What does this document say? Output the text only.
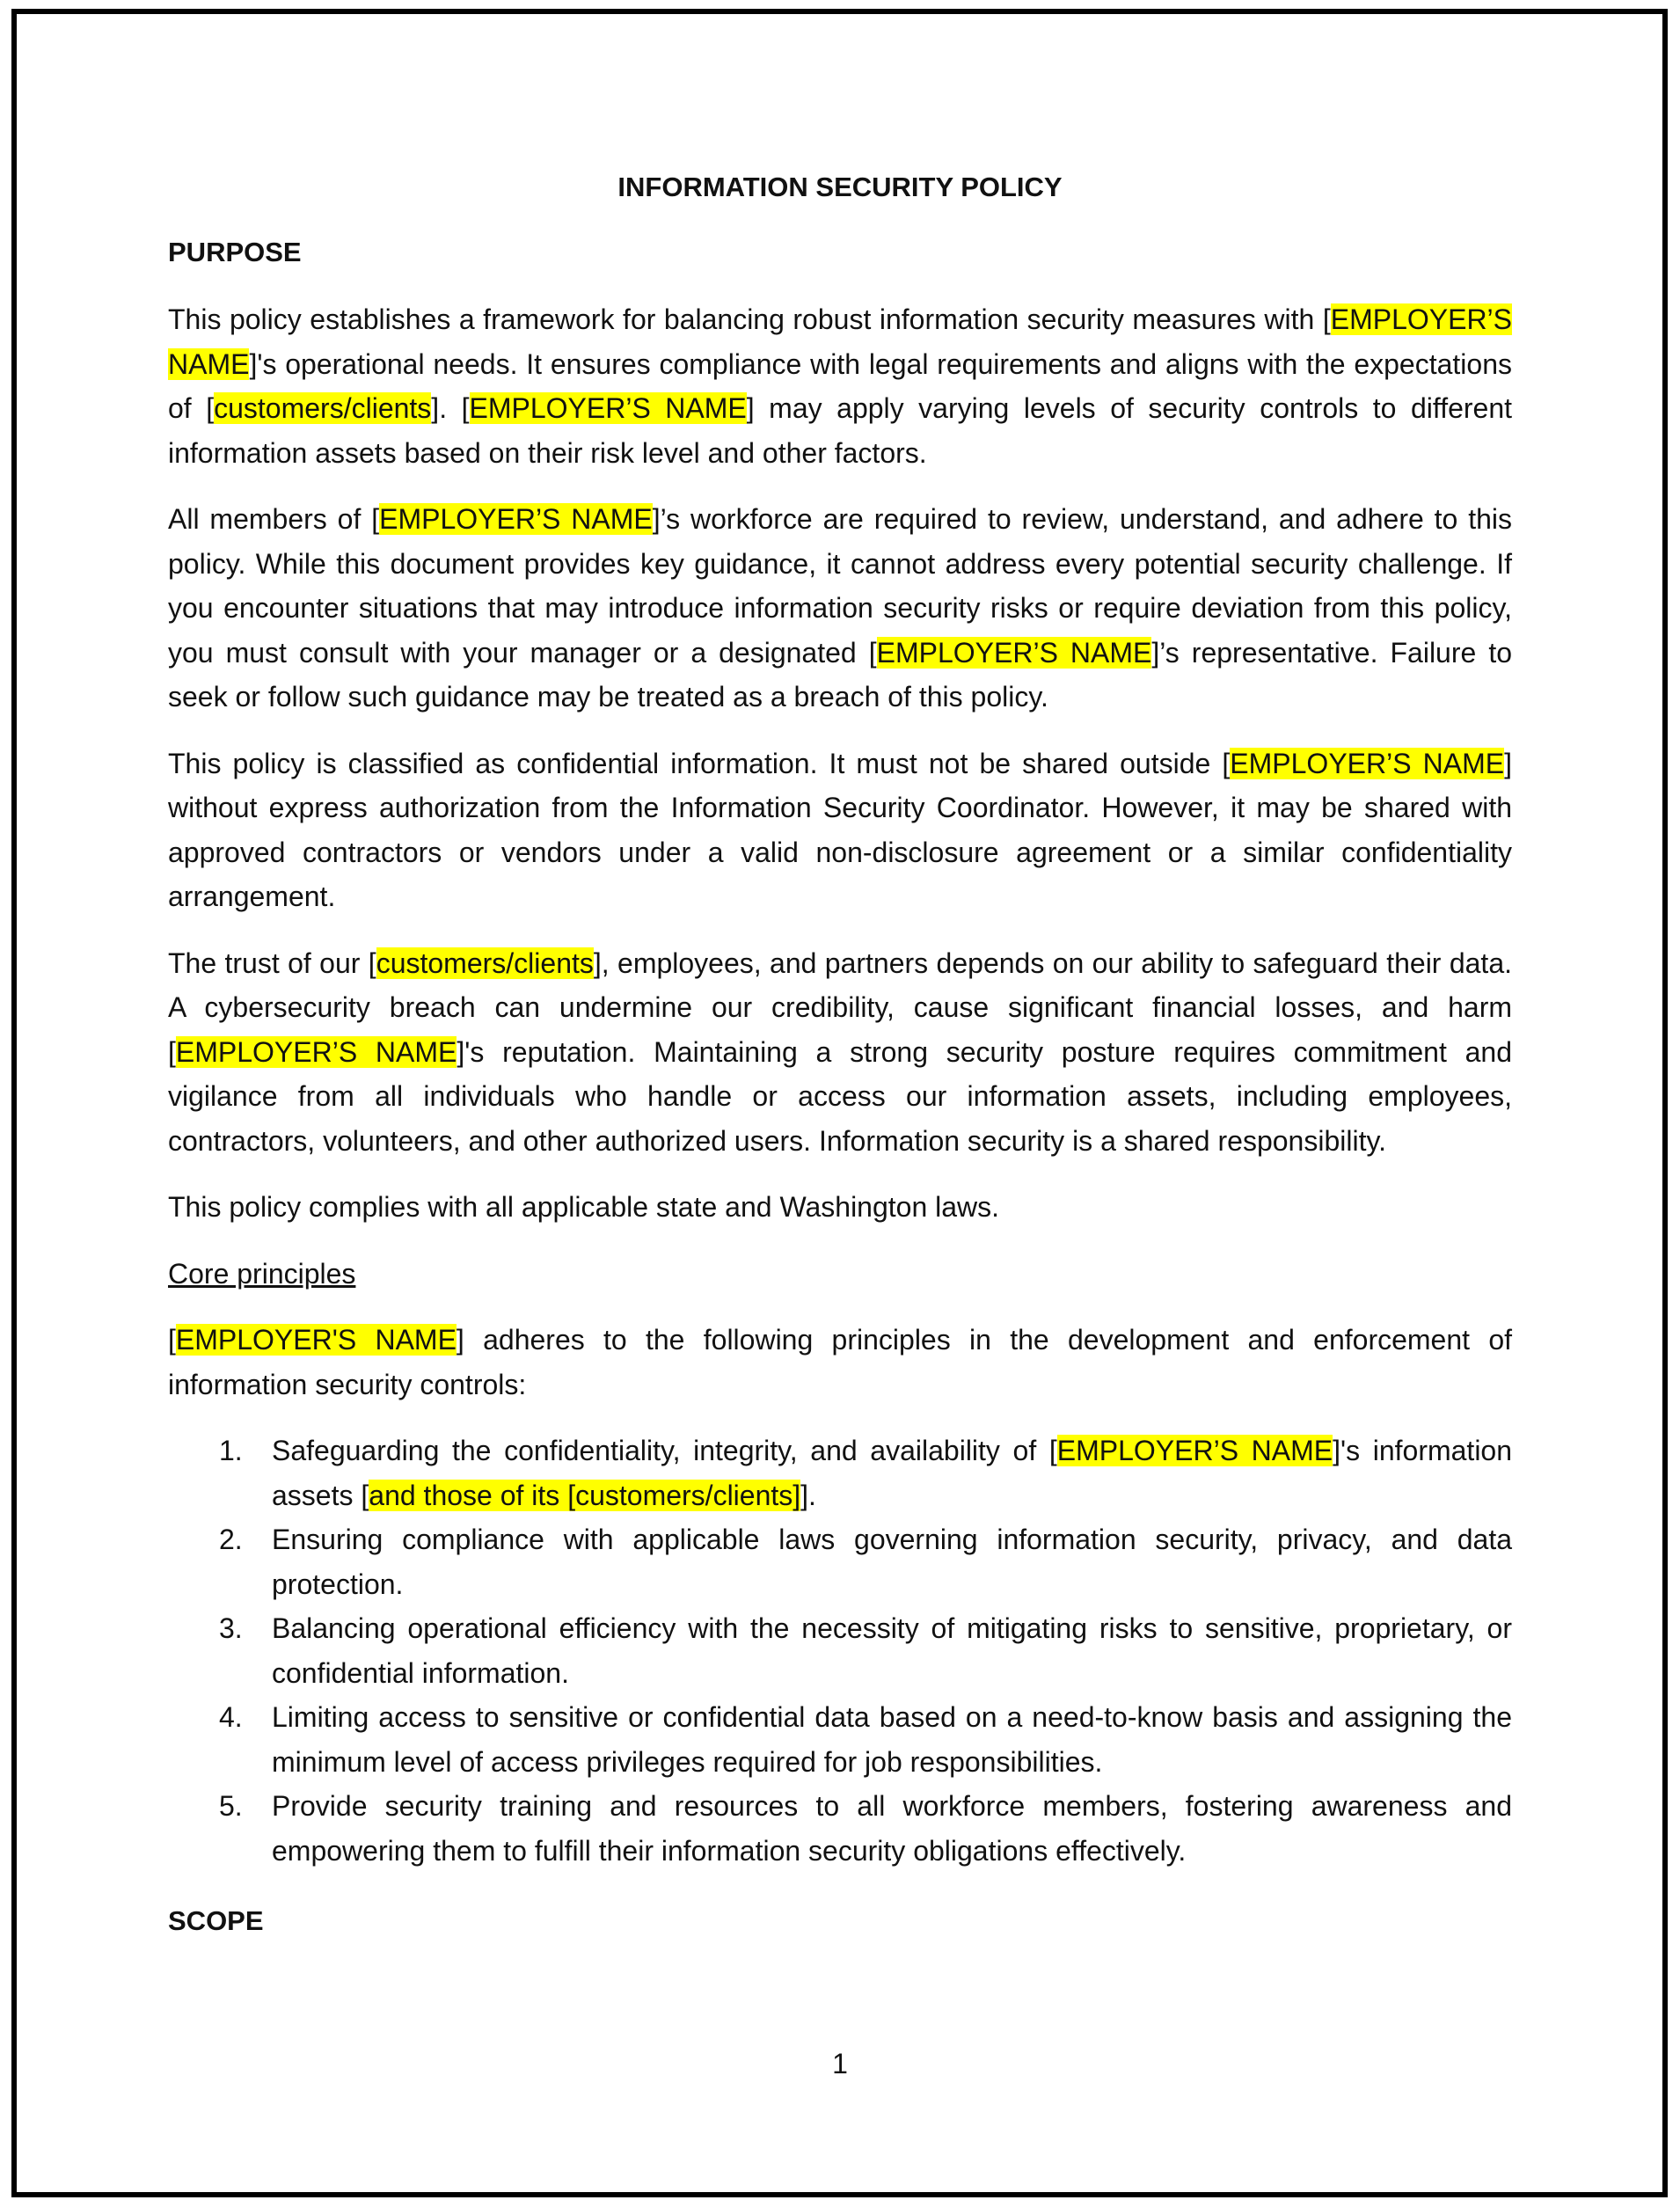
INFORMATION SECURITY POLICY
PURPOSE

This policy establishes a framework for balancing robust information security measures with [EMPLOYER’S NAME]'s operational needs. It ensures compliance with legal requirements and aligns with the expectations of [customers/clients]. [EMPLOYER’S NAME] may apply varying levels of security controls to different information assets based on their risk level and other factors.

All members of [EMPLOYER’S NAME]’s workforce are required to review, understand, and adhere to this policy. While this document provides key guidance, it cannot address every potential security challenge. If you encounter situations that may introduce information security risks or require deviation from this policy, you must consult with your manager or a designated [EMPLOYER’S NAME]’s representative. Failure to seek or follow such guidance may be treated as a breach of this policy.

This policy is classified as confidential information. It must not be shared outside [EMPLOYER’S NAME] without express authorization from the Information Security Coordinator. However, it may be shared with approved contractors or vendors under a valid non-disclosure agreement or a similar confidentiality arrangement.

The trust of our [customers/clients], employees, and partners depends on our ability to safeguard their data. A cybersecurity breach can undermine our credibility, cause significant financial losses, and harm [EMPLOYER’S NAME]'s reputation. Maintaining a strong security posture requires commitment and vigilance from all individuals who handle or access our information assets, including employees, contractors, volunteers, and other authorized users. Information security is a shared responsibility.

This policy complies with all applicable state and Washington laws.

Core principles

[EMPLOYER'S NAME] adheres to the following principles in the development and enforcement of information security controls:

1. Safeguarding the confidentiality, integrity, and availability of [EMPLOYER’S NAME]'s information assets [and those of its [customers/clients]].
2. Ensuring compliance with applicable laws governing information security, privacy, and data protection.
3. Balancing operational efficiency with the necessity of mitigating risks to sensitive, proprietary, or confidential information.
4. Limiting access to sensitive or confidential data based on a need-to-know basis and assigning the minimum level of access privileges required for job responsibilities.
5. Provide security training and resources to all workforce members, fostering awareness and empowering them to fulfill their information security obligations effectively.
SCOPE
1
